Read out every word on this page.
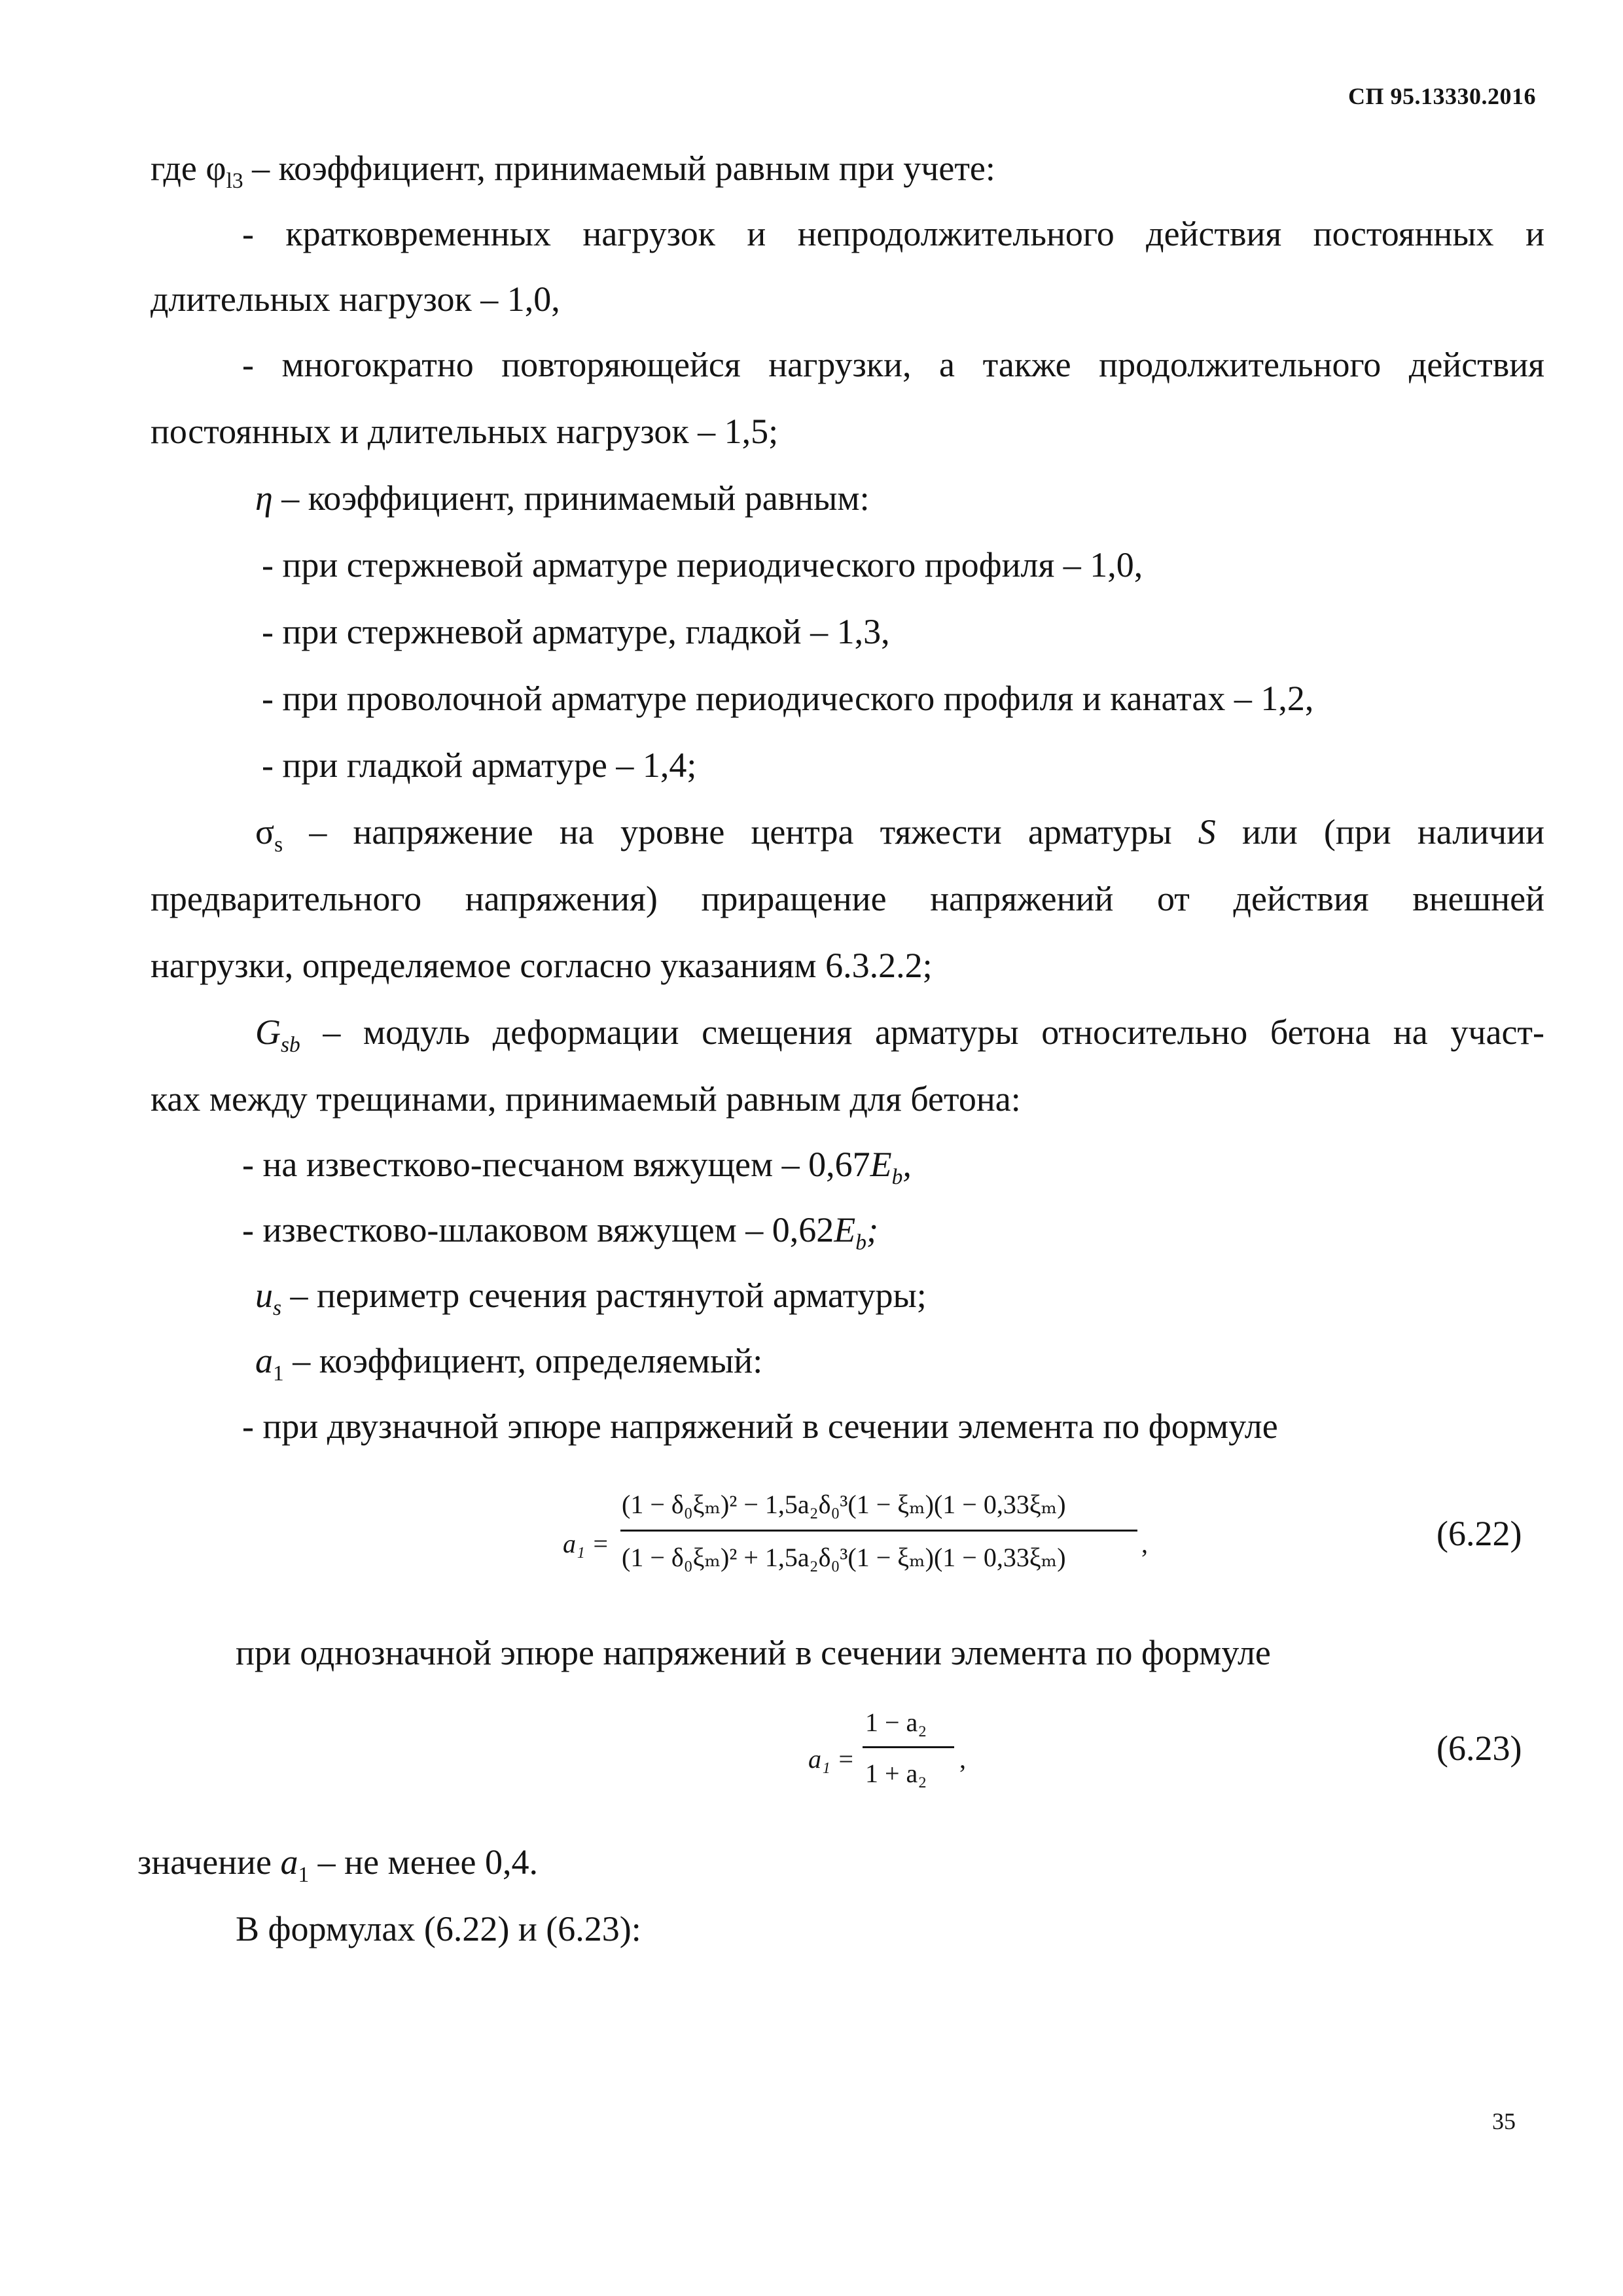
СП 95.13330.2016
где $\varphi_{l3}$ – коэффициент, принимаемый равным при учете:
- кратковременных нагрузок и непродолжительного действия постоянных и
длительных нагрузок – 1,0,
- многократно повторяющейся нагрузки, а также продолжительного действия
постоянных и длительных нагрузок – 1,5;
η – коэффициент, принимаемый равным:
- при стержневой арматуре периодического профиля – 1,0,
- при стержневой арматуре, гладкой – 1,3,
- при проволочной арматуре периодического профиля и канатах – 1,2,
- при гладкой арматуре – 1,4;
$\sigma_s$ – напряжение на уровне центра тяжести арматуры S или (при наличии
предварительного напряжения) приращение напряжений от действия внешней
нагрузки, определяемое согласно указаниям 6.3.2.2;
$G_{sb}$ – модуль деформации смещения арматуры относительно бетона на участ-
ках между трещинами, принимаемый равным для бетона:
- на известково-песчаном вяжущем – $0,67E_b$,
- известково-шлаковом вяжущем – $0,62E_b$;
$u_s$ – периметр сечения растянутой арматуры;
$a_1$ – коэффициент, определяемый:
- при двузначной эпюре напряжений в сечении элемента по формуле
a₁ =
(1 − δ₀ξₘ)² − 1,5a₂δ₀³(1 − ξₘ)(1 − 0,33ξₘ)
(1 − δ₀ξₘ)² + 1,5a₂δ₀³(1 − ξₘ)(1 − 0,33ξₘ)	,	(6.22)
при однозначной эпюре напряжений в сечении элемента по формуле
a₁ =
1 − a₂
1 + a₂ ,	(6.23)
значение $a_1$ – не менее 0,4.
В формулах (6.22) и (6.23):
35
